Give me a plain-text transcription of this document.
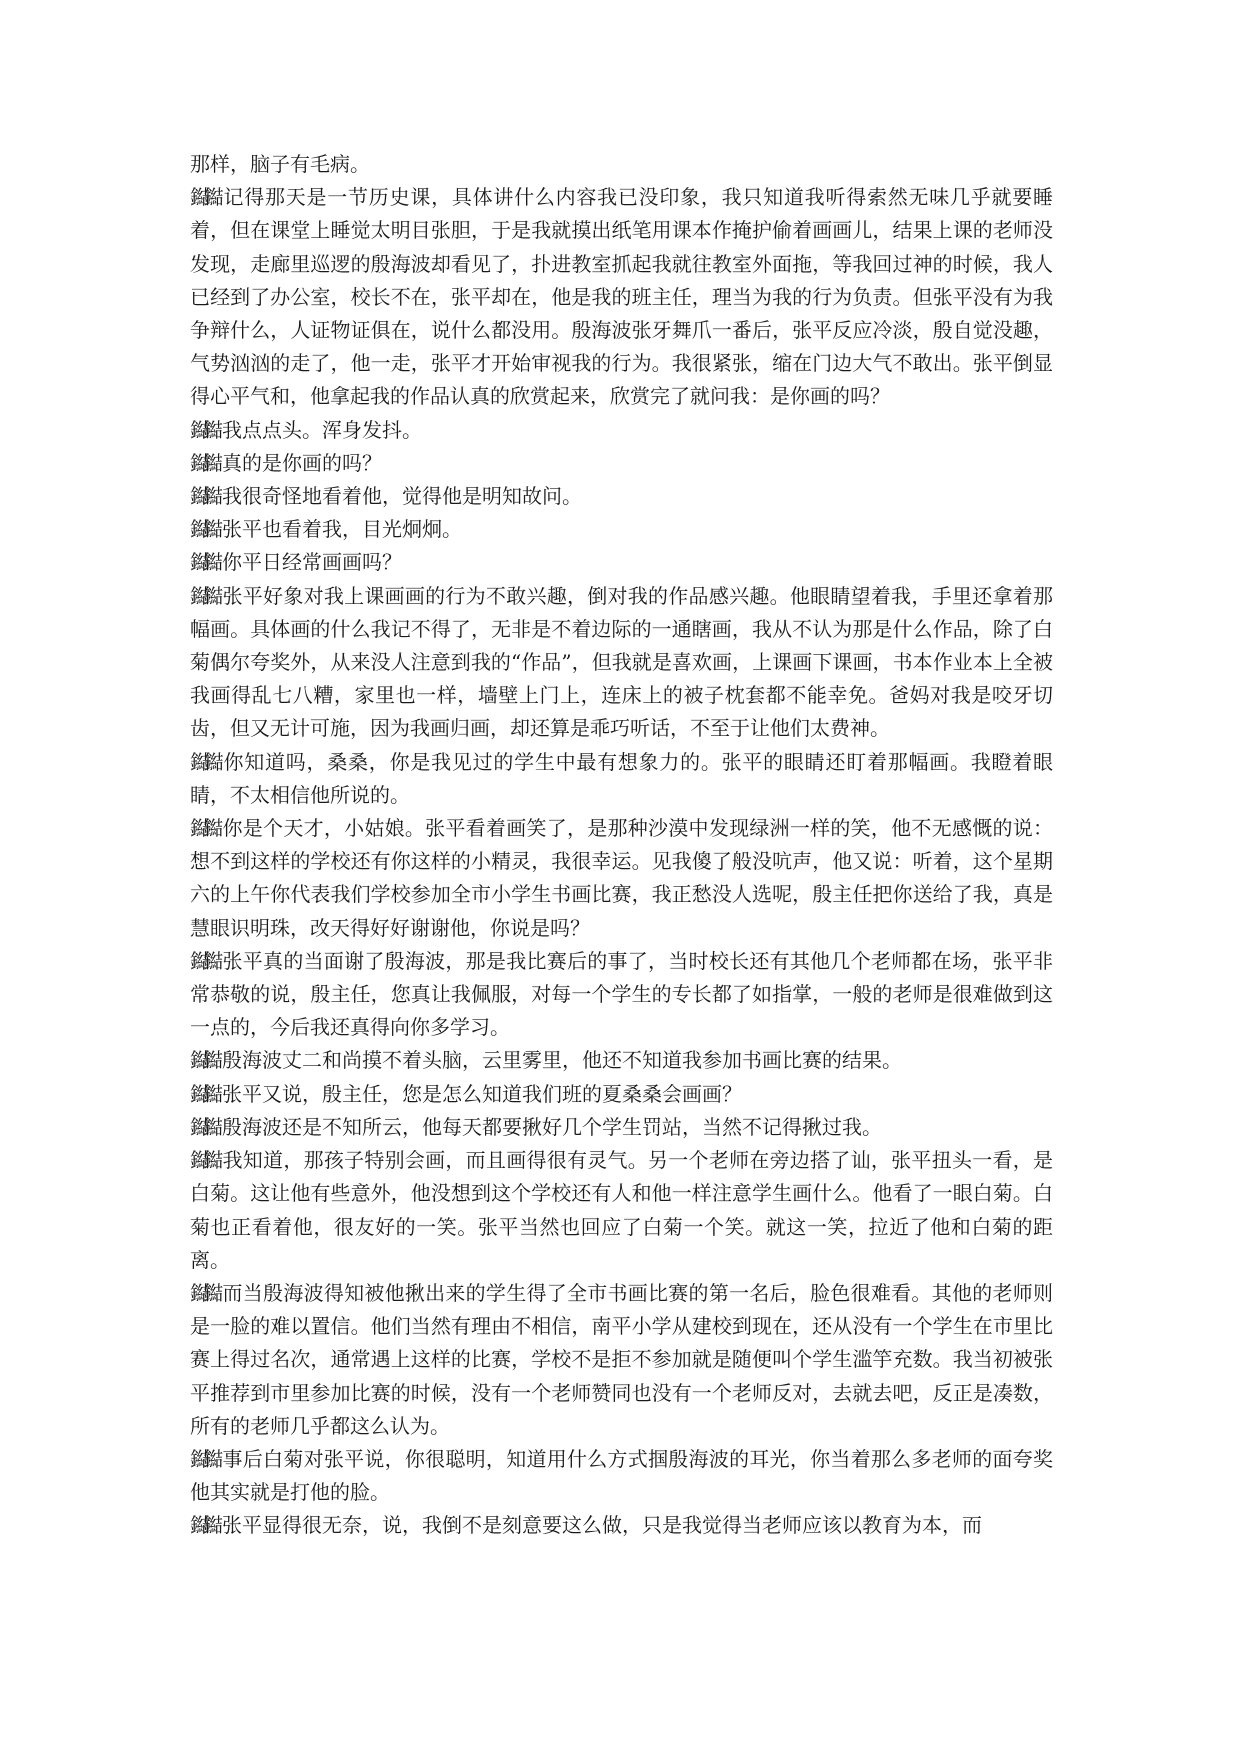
那样，脑子有毛病。

鐑鐑 记得那天是一节历史课，具体讲什么内容我已没印象，我只知道我听得索然无味几乎就要睡着，但在课堂上睡觉太明目张胆，于是我就摸出纸笔用课本作掩护偷着画画儿，结果上课的老师没发现，走廊里巡逻的殷海波却看见了，扑进教室抓起我就往教室外面拖，等我回过神的时候，我人已经到了办公室，校长不在，张平却在，他是我的班主任，理当为我的行为负责。但张平没有为我争辩什么，人证物证俱在，说什么都没用。殷海波张牙舞爪一番后，张平反应冷淡，殷自觉没趣，气势汹汹的走了，他一走，张平才开始审视我的行为。我很紧张，缩在门边大气不敢出。张平倒显得心平气和，他拿起我的作品认真的欣赏起来，欣赏完了就问我：是你画的吗？

鐑鐑 我点点头。浑身发抖。

鐑鐑 真的是你画的吗？

鐑鐑 我很奇怪地看着他，觉得他是明知故问。

鐑鐑 张平也看着我，目光炯炯。

鐑鐑 你平日经常画画吗？

鐑鐑 张平好象对我上课画画的行为不敢兴趣，倒对我的作品感兴趣。他眼睛望着我，手里还拿着那幅画。具体画的什么我记不得了，无非是不着边际的一通瞎画，我从不认为那是什么作品，除了白菊偶尔夸奖外，从来没人注意到我的“作品”，但我就是喜欢画，上课画下课画，书本作业本上全被我画得乱七八糟，家里也一样，墙壁上门上，连床上的被子枕套都不能幸免。爸妈对我是咬牙切齿，但又无计可施，因为我画归画，却还算是乖巧听话，不至于让他们太费神。

鐑鐑 你知道吗，桑桑，你是我见过的学生中最有想象力的。张平的眼睛还盯着那幅画。我瞪着眼睛，不太相信他所说的。

鐑鐑 你是个天才，小姑娘。张平看着画笑了，是那种沙漠中发现绿洲一样的笑，他不无感慨的说：想不到这样的学校还有你这样的小精灵，我很幸运。见我傻了般没吭声，他又说：听着，这个星期六的上午你代表我们学校参加全市小学生书画比赛，我正愁没人选呢，殷主任把你送给了我，真是慧眼识明珠，改天得好好谢谢他，你说是吗？

鐑鐑 张平真的当面谢了殷海波，那是我比赛后的事了，当时校长还有其他几个老师都在场，张平非常恭敬的说，殷主任，您真让我佩服，对每一个学生的专长都了如指掌，一般的老师是很难做到这一点的，今后我还真得向你多学习。

鐑鐑 殷海波丈二和尚摸不着头脑，云里雾里，他还不知道我参加书画比赛的结果。

鐑鐑 张平又说，殷主任，您是怎么知道我们班的夏桑桑会画画？

鐑鐑 殷海波还是不知所云，他每天都要揪好几个学生罚站，当然不记得揪过我。

鐑鐑 我知道，那孩子特别会画，而且画得很有灵气。另一个老师在旁边搭了讪，张平扭头一看，是白菊。这让他有些意外，他没想到这个学校还有人和他一样注意学生画什么。他看了一眼白菊。白菊也正看着他，很友好的一笑。张平当然也回应了白菊一个笑。就这一笑，拉近了他和白菊的距离。

鐑鐑 而当殷海波得知被他揪出来的学生得了全市书画比赛的第一名后，脸色很难看。其他的老师则是一脸的难以置信。他们当然有理由不相信，南平小学从建校到现在，还从没有一个学生在市里比赛上得过名次，通常遇上这样的比赛，学校不是拒不参加就是随便叫个学生滥竽充数。我当初被张平推荐到市里参加比赛的时候，没有一个老师赞同也没有一个老师反对，去就去吧，反正是凑数，所有的老师几乎都这么认为。

鐑鐑 事后白菊对张平说，你很聪明，知道用什么方式掴殷海波的耳光，你当着那么多老师的面夸奖他其实就是打他的脸。

鐑鐑 张平显得很无奈，说，我倒不是刻意要这么做，只是我觉得当老师应该以教育为本，而
